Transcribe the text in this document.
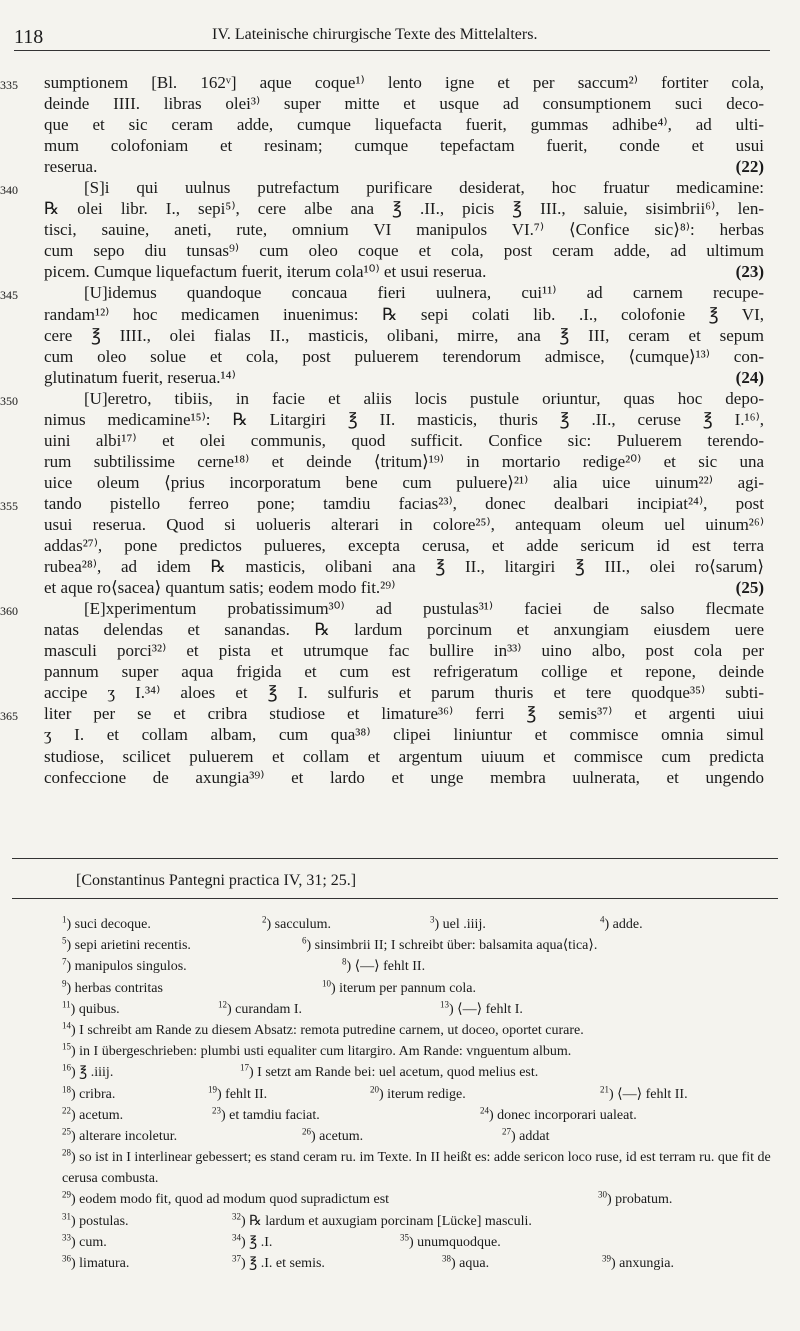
118	IV. Lateinische chirurgische Texte des Mittelalters.
335	sumptionem [Bl. 162ᵛ] aque coque¹⁾ lento igne et per saccum²⁾ fortiter cola,
deinde IIII. libras olei³⁾ super mitte et usque ad consumptionem suci deco-
que et sic ceram adde, cumque liquefacta fuerit, gummas adhibe⁴⁾, ad ulti-
mum colofoniam et resinam; cumque tepefactam fuerit, conde et usui
reserua.	(22)
340	[S]i qui uulnus putrefactum purificare desiderat, hoc fruatur medicamine:
℞ olei libr. I., sepi⁵⁾, cere albe ana ℥ .II., picis ℥ III., saluie, sisimbrii⁶⁾, len-
tisci, sauine, aneti, rute, omnium VI manipulos VI.⁷⁾ ⟨Confice sic⟩⁸⁾: herbas
cum sepo diu tunsas⁹⁾ cum oleo coque et cola, post ceram adde, ad ultimum
picem. Cumque liquefactum fuerit, iterum cola¹⁰⁾ et usui reserua.	(23)
345	[U]idemus quandoque concaua fieri uulnera, cui¹¹⁾ ad carnem recupe-
randam¹²⁾ hoc medicamen inuenimus: ℞ sepi colati lib. .I., colofonie ℥ VI,
cere ℥ IIII., olei fialas II., masticis, olibani, mirre, ana ℥ III, ceram et sepum
cum oleo solue et cola, post puluerem terendorum admisce, ⟨cumque⟩¹³⁾ con-
glutinatum fuerit, reserua.¹⁴⁾	(24)
350	[U]eretro, tibiis, in facie et aliis locis pustule oriuntur, quas hoc depo-
nimus medicamine¹⁵⁾: ℞ Litargiri ℥ II. masticis, thuris ℥ .II., ceruse ℥ I.¹⁶⁾,
uini albi¹⁷⁾ et olei communis, quod sufficit. Confice sic: Puluerem terendo-
rum subtilissime cerne¹⁸⁾ et deinde ⟨tritum⟩¹⁹⁾ in mortario redige²⁰⁾ et sic una
uice oleum ⟨prius incorporatum bene cum puluere⟩²¹⁾ alia uice uinum²²⁾ agi-
355	tando pistello ferreo pone; tamdiu facias²³⁾, donec dealbari incipiat²⁴⁾, post
usui reserua. Quod si uolueris alterari in colore²⁵⁾, antequam oleum uel uinum²⁶⁾
addas²⁷⁾, pone predictos pulueres, excepta cerusa, et adde sericum id est terra
rubea²⁸⁾, ad idem ℞ masticis, olibani ana ℥ II., litargiri ℥ III., olei ro⟨sarum⟩
et aque ro⟨sacea⟩ quantum satis; eodem modo fit.²⁹⁾	(25)
360	[E]xperimentum probatissimum³⁰⁾ ad pustulas³¹⁾ faciei de salso flecmate
natas delendas et sanandas. ℞ lardum porcinum et anxungiam eiusdem uere
masculi porci³²⁾ et pista et utrumque fac bullire in³³⁾ uino albo, post cola per
pannum super aqua frigida et cum est refrigeratum collige et repone, deinde
accipe ʒ I.³⁴⁾ aloes et ℥ I. sulfuris et parum thuris et tere quodque³⁵⁾ subti-
365	liter per se et cribra studiose et limature³⁶⁾ ferri ℥ semis³⁷⁾ et argenti uiui
ʒ I. et collam albam, cum qua³⁸⁾ clipei liniuntur et commisce omnia simul
studiose, scilicet puluerem et collam et argentum uiuum et commisce cum predicta
confeccione de axungia³⁹⁾ et lardo et unge membra uulnerata, et ungendo
[Constantinus Pantegni practica IV, 31; 25.]
$^1$) suci decoque.	$^2$) sacculum.	$^3$) uel .iiij.	$^4$) adde.
$^5$) sepi arietini recentis.	$^6$) sinsimbrii II; I schreibt über: balsamita aqua⟨tica⟩.
$^7$) manipulos singulos.	$^8$) ⟨—⟩ fehlt II.
$^9$) herbas contritas	$^{10}$) iterum per pannum cola.
$^{11}$) quibus.	$^{12}$) curandam I.	$^{13}$) ⟨—⟩ fehlt I.
$^{14}$) I schreibt am Rande zu diesem Absatz: remota putredine carnem, ut doceo, oportet curare.
$^{15}$) in I übergeschrieben: plumbi usti equaliter cum litargiro. Am Rande: vnguentum album.
$^{16}$) ℥ .iiij.	$^{17}$) I setzt am Rande bei: uel acetum, quod melius est.
$^{18}$) cribra.	$^{19}$) fehlt II.	$^{20}$) iterum redige.	$^{21}$) ⟨—⟩ fehlt II.
$^{22}$) acetum.	$^{23}$) et tamdiu faciat.	$^{24}$) donec incorporari ualeat.
$^{25}$) alterare incoletur.	$^{26}$) acetum.	$^{27}$) addat
$^{28}$) so ist in I interlinear gebessert; es stand ceram ru. im Texte. In II heißt es: adde sericon loco ruse, id est terram ru. que fit de cerusa combusta.
$^{29}$) eodem modo fit, quod ad modum quod supradictum est	$^{30}$) probatum.
$^{31}$) postulas.	$^{32}$) ℞ lardum et auxugiam porcinam [Lücke] masculi.
$^{33}$) cum.	$^{34}$) ℥ .I.	$^{35}$) unumquodque.
$^{36}$) limatura.	$^{37}$) ℥ .I. et semis.	$^{38}$) aqua.	$^{39}$) anxungia.
